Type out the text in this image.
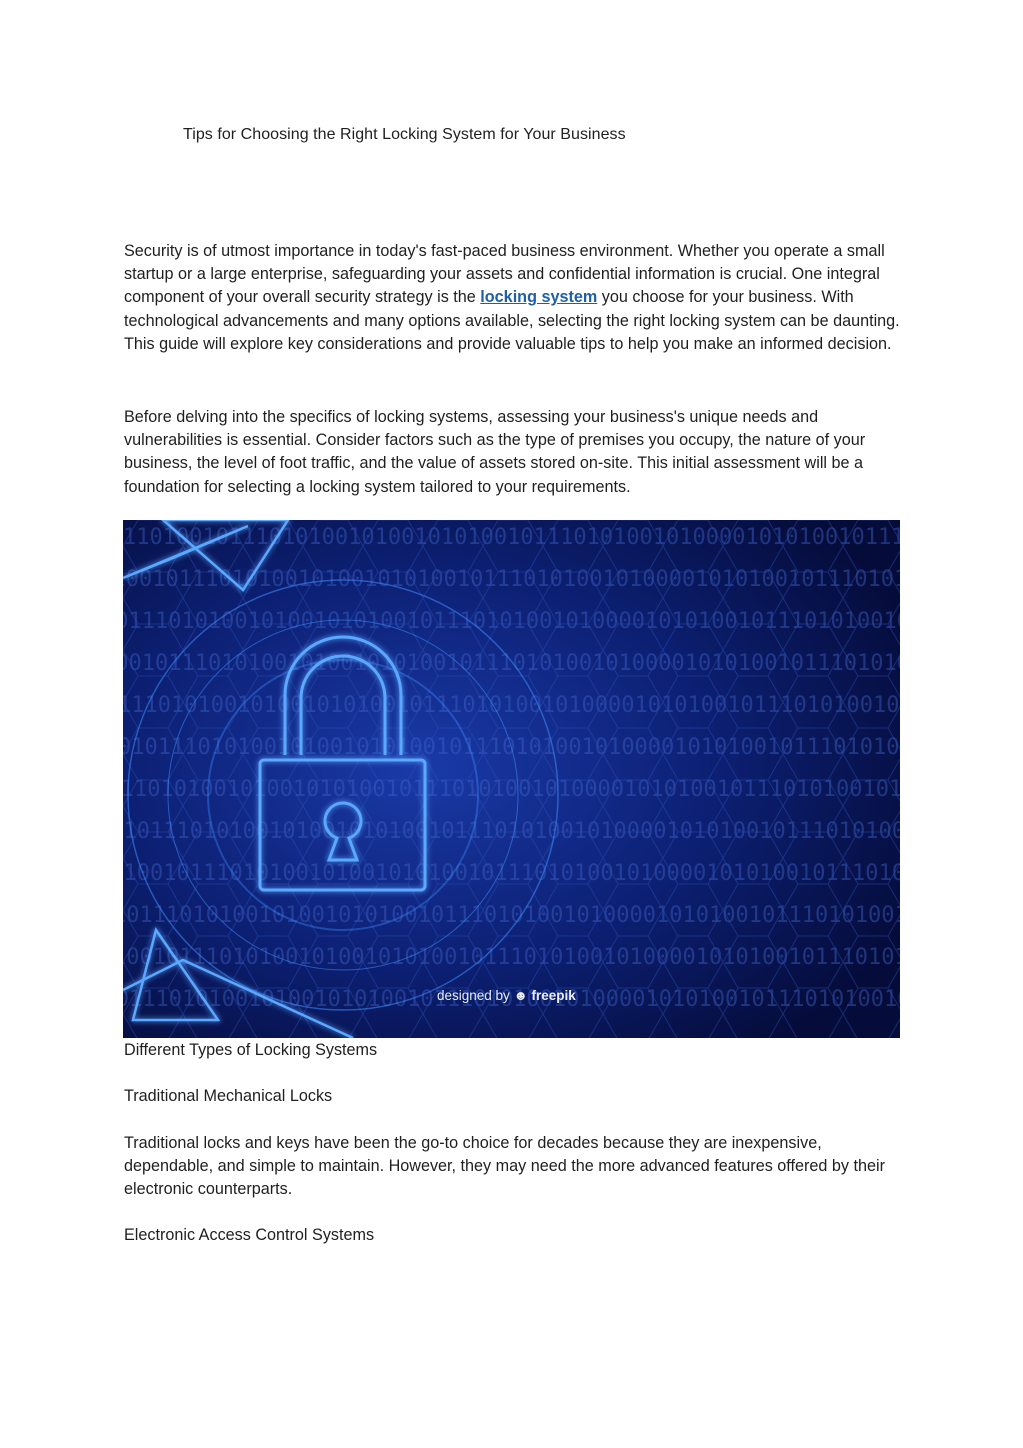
Tips for Choosing the Right Locking System for Your Business

Security is of utmost importance in today's fast-paced business environment. Whether you operate a small startup or a large enterprise, safeguarding your assets and confidential information is crucial. One integral component of your overall security strategy is the locking system you choose for your business. With technological advancements and many options available, selecting the right locking system can be daunting. This guide will explore key considerations and provide valuable tips to help you make an informed decision.

Before delving into the specifics of locking systems, assessing your business's unique needs and vulnerabilities is essential. Consider factors such as the type of premises you occupy, the nature of your business, the level of foot traffic, and the value of assets stored on-site. This initial assessment will be a foundation for selecting a locking system tailored to your requirements.

designed by ☻ freepik
Different Types of Locking Systems
Traditional Mechanical Locks

Traditional locks and keys have been the go-to choice for decades because they are inexpensive, dependable, and simple to maintain. However, they may need the more advanced features offered by their electronic counterparts.

Electronic Access Control Systems
